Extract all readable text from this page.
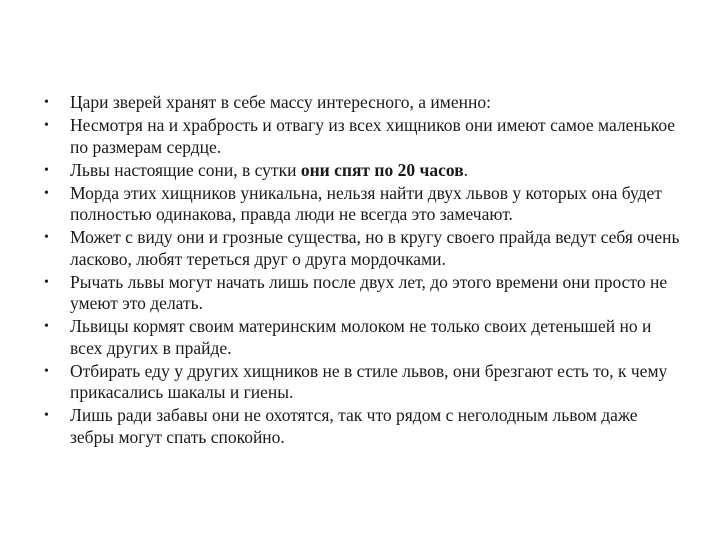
• Цари зверей хранят в себе массу интересного, а именно:
• Несмотря на и храбрость и отвагу из всех хищников они имеют самое маленькое по размерам сердце.
• Львы настоящие сони, в сутки они спят по 20 часов.
• Морда этих хищников уникальна, нельзя найти двух львов у которых она будет полностью одинакова, правда люди не всегда это замечают.
• Может с виду они и грозные существа, но в кругу своего прайда ведут себя очень ласково, любят тереться друг о друга мордочками.
• Рычать львы могут начать лишь после двух лет, до этого времени они просто не умеют это делать.
• Львицы кормят своим материнским молоком не только своих детенышей но и всех других в прайде.
• Отбирать еду у других хищников не в стиле львов, они брезгают есть то, к чему прикасались шакалы и гиены.
• Лишь ради забавы они не охотятся, так что рядом с неголодным львом даже зебры могут спать спокойно.
